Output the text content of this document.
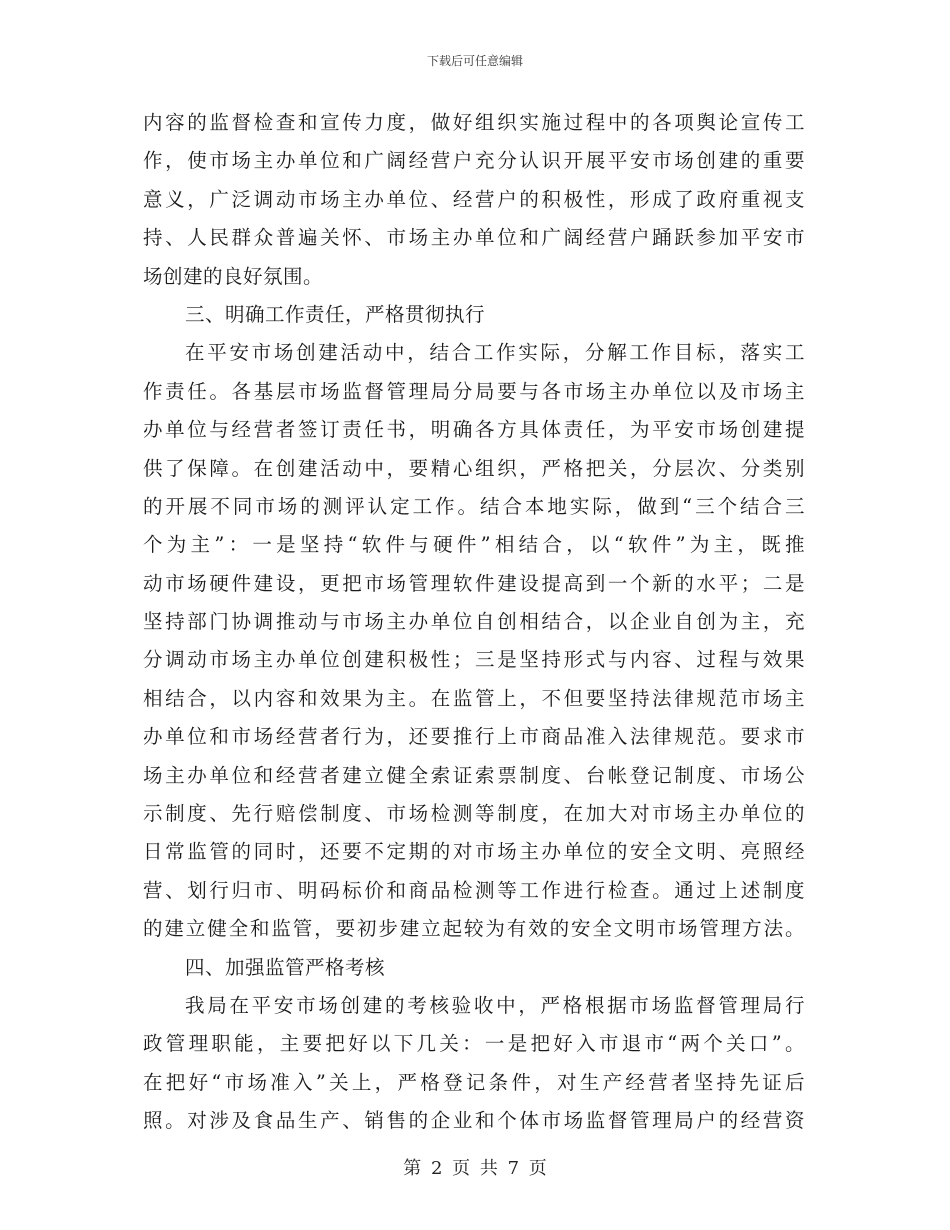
下载后可任意编辑
内容的监督检查和宣传力度，做好组织实施过程中的各项舆论宣传工
作，使市场主办单位和广阔经营户充分认识开展平安市场创建的重要
意义，广泛调动市场主办单位、经营户的积极性，形成了政府重视支
持、人民群众普遍关怀、市场主办单位和广阔经营户踊跃参加平安市
场创建的良好氛围。
三、明确工作责任，严格贯彻执行
在平安市场创建活动中，结合工作实际，分解工作目标，落实工
作责任。各基层市场监督管理局分局要与各市场主办单位以及市场主
办单位与经营者签订责任书，明确各方具体责任，为平安市场创建提
供了保障。在创建活动中，要精心组织，严格把关，分层次、分类别
的开展不同市场的测评认定工作。结合本地实际，做到“三个结合三
个为主”：一是坚持“软件与硬件”相结合，以“软件”为主，既推
动市场硬件建设，更把市场管理软件建设提高到一个新的水平；二是
坚持部门协调推动与市场主办单位自创相结合，以企业自创为主，充
分调动市场主办单位创建积极性；三是坚持形式与内容、过程与效果
相结合，以内容和效果为主。在监管上，不但要坚持法律规范市场主
办单位和市场经营者行为，还要推行上市商品准入法律规范。要求市
场主办单位和经营者建立健全索证索票制度、台帐登记制度、市场公
示制度、先行赔偿制度、市场检测等制度，在加大对市场主办单位的
日常监管的同时，还要不定期的对市场主办单位的安全文明、亮照经
营、划行归市、明码标价和商品检测等工作进行检查。通过上述制度
的建立健全和监管，要初步建立起较为有效的安全文明市场管理方法。
四、加强监管严格考核
我局在平安市场创建的考核验收中，严格根据市场监督管理局行
政管理职能，主要把好以下几关：一是把好入市退市“两个关口”。
在把好“市场准入”关上，严格登记条件，对生产经营者坚持先证后
照。对涉及食品生产、销售的企业和个体市场监督管理局户的经营资
第 2 页 共 7 页
